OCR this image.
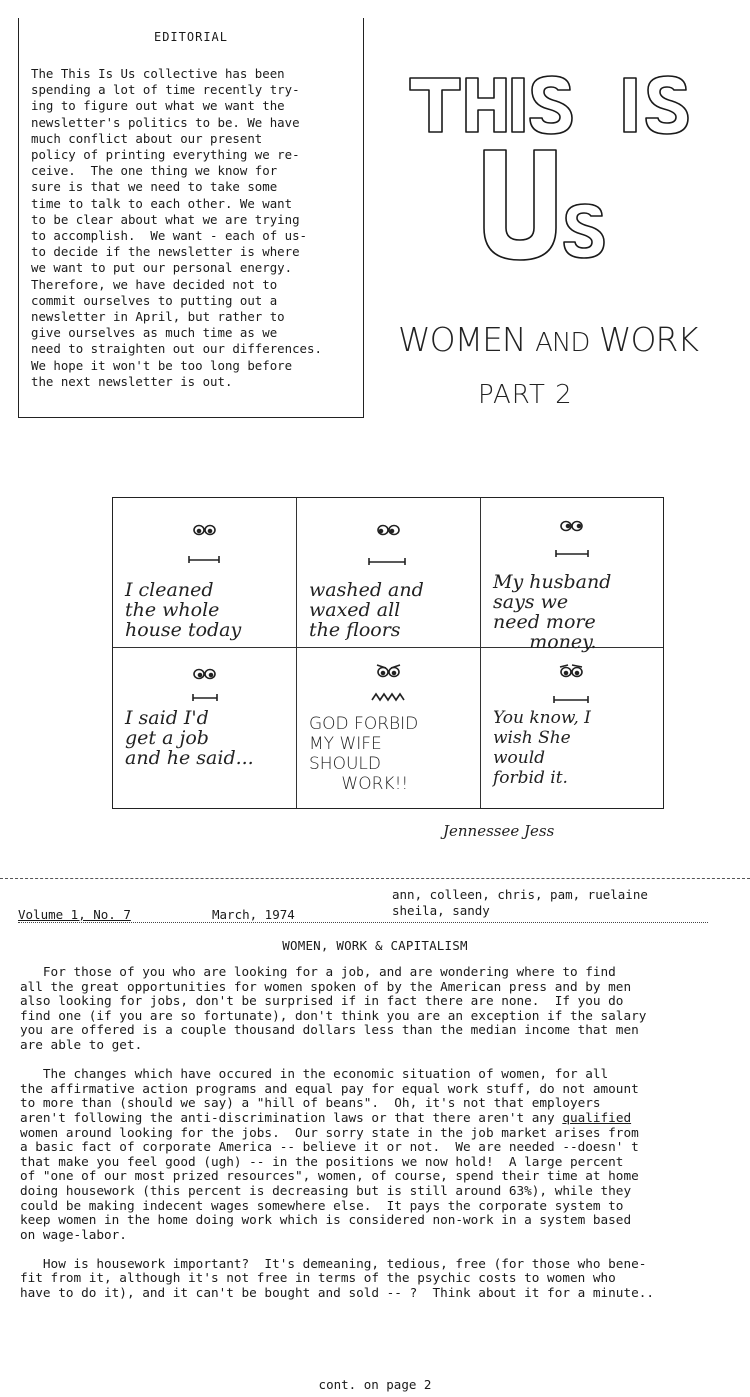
EDITORIAL
The This Is Us collective has been
spending a lot of time recently try-
ing to figure out what we want the
newsletter's politics to be. We have
much conflict about our present
policy of printing everything we re-
ceive.  The one thing we know for
sure is that we need to take some
time to talk to each other. We want
to be clear about what we are trying
to accomplish.  We want - each of us-
to decide if the newsletter is where
we want to put our personal energy.
Therefore, we have decided not to
commit ourselves to putting out a
newsletter in April, but rather to
give ourselves as much time as we
need to straighten out our differences.
We hope it won't be too long before
the next newsletter is out.

WOMEN AND WORK
PART 2
I cleaned
the whole
house today
washed and
waxed all
the floors
My husband
says we
need more
money.
I said I'd
get a job
and he said...
GOD FORBID
MY WIFE
SHOULD
WORK!!
You know, I
wish She
would
forbid it.
Jennessee Jess
Volume 1, No. 7	March, 1974
ann, colleen, chris, pam, ruelaine
sheila, sandy
WOMEN, WORK & CAPITALISM
For those of you who are looking for a job, and are wondering where to find
all the great opportunities for women spoken of by the American press and by men
also looking for jobs, don't be surprised if in fact there are none.  If you do
find one (if you are so fortunate), don't think you are an exception if the salary
you are offered is a couple thousand dollars less than the median income that men
are able to get.

The changes which have occured in the economic situation of women, for all
the affirmative action programs and equal pay for equal work stuff, do not amount
to more than (should we say) a "hill of beans".  Oh, it's not that employers
aren't following the anti-discrimination laws or that there aren't any qualified
women around looking for the jobs.  Our sorry state in the job market arises from
a basic fact of corporate America -- believe it or not.  We are needed --doesn' t
that make you feel good (ugh) -- in the positions we now hold!  A large percent
of "one of our most prized resources", women, of course, spend their time at home
doing housework (this percent is decreasing but is still around 63%), while they
could be making indecent wages somewhere else.  It pays the corporate system to
keep women in the home doing work which is considered non-work in a system based
on wage-labor.

How is housework important?  It's demeaning, tedious, free (for those who bene-
fit from it, although it's not free in terms of the psychic costs to women who
have to do it), and it can't be bought and sold -- ?  Think about it for a minute..

cont. on page 2
